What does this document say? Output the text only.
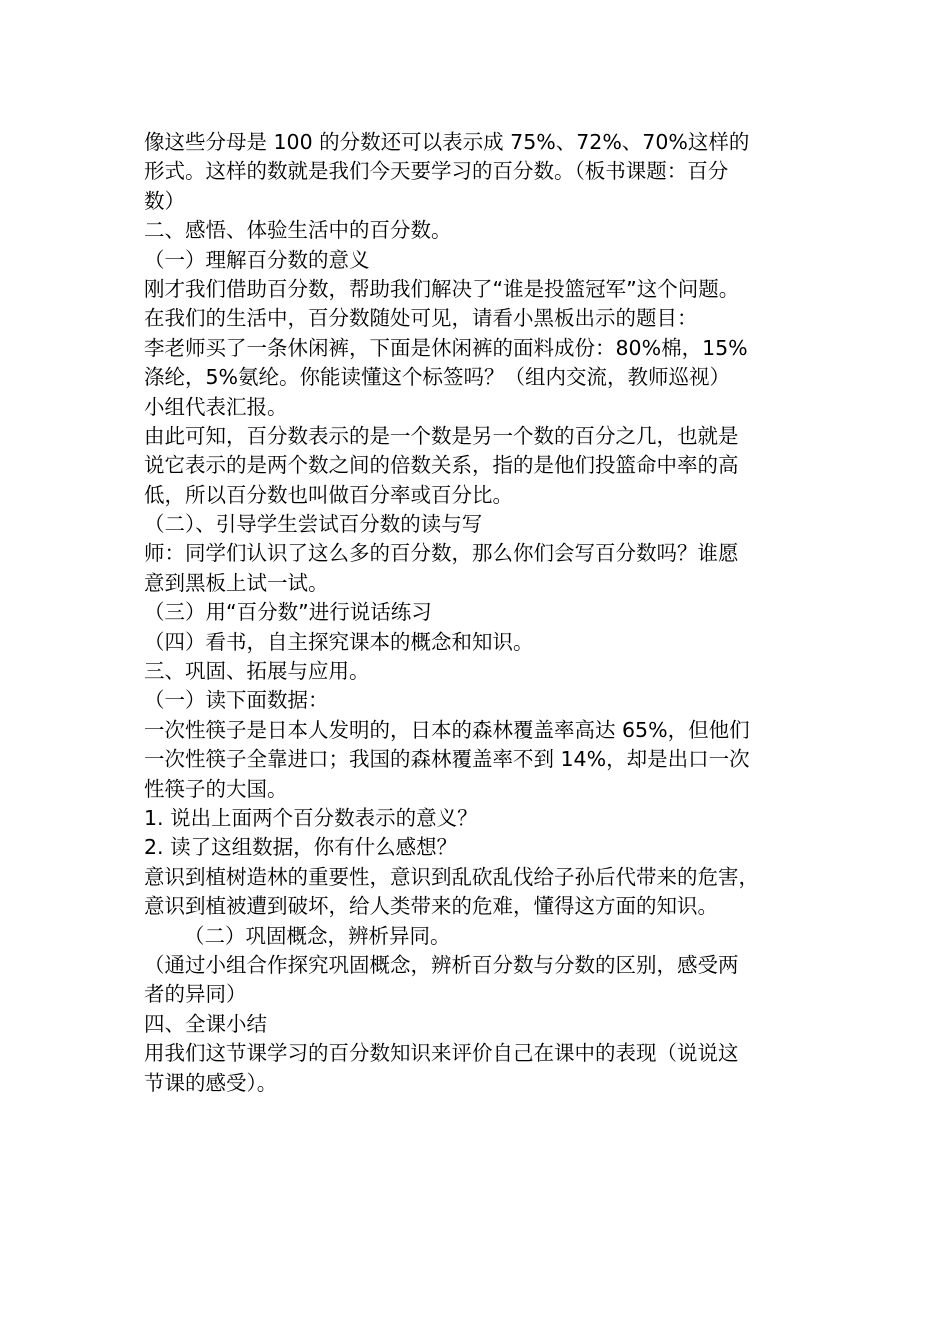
像这些分母是 100 的分数还可以表示成 75%、72%、70%这样的
形式。这样的数就是我们今天要学习的百分数。（板书课题：百分
数）
二、感悟、体验生活中的百分数。
（一）理解百分数的意义
刚才我们借助百分数，帮助我们解决了“谁是投篮冠军”这个问题。
在我们的生活中，百分数随处可见，请看小黑板出示的题目：
李老师买了一条休闲裤，下面是休闲裤的面料成份：80%棉，15%
涤纶，5%氨纶。你能读懂这个标签吗？（组内交流，教师巡视）
小组代表汇报。
由此可知，百分数表示的是一个数是另一个数的百分之几，也就是
说它表示的是两个数之间的倍数关系，指的是他们投篮命中率的高
低，所以百分数也叫做百分率或百分比。
（二）、引导学生尝试百分数的读与写
师：同学们认识了这么多的百分数，那么你们会写百分数吗？谁愿
意到黑板上试一试。
（三）用“百分数”进行说话练习
（四）看书，自主探究课本的概念和知识。
三、巩固、拓展与应用。
（一）读下面数据：
一次性筷子是日本人发明的，日本的森林覆盖率高达 65%，但他们
一次性筷子全靠进口；我国的森林覆盖率不到 14%，却是出口一次
性筷子的大国。
1. 说出上面两个百分数表示的意义？
2. 读了这组数据，你有什么感想？
意识到植树造林的重要性，意识到乱砍乱伐给子孙后代带来的危害，
意识到植被遭到破坏，给人类带来的危难，懂得这方面的知识。
（二）巩固概念，辨析异同。
（通过小组合作探究巩固概念，辨析百分数与分数的区别，感受两
者的异同）
四、全课小结
用我们这节课学习的百分数知识来评价自己在课中的表现（说说这
节课的感受）。
